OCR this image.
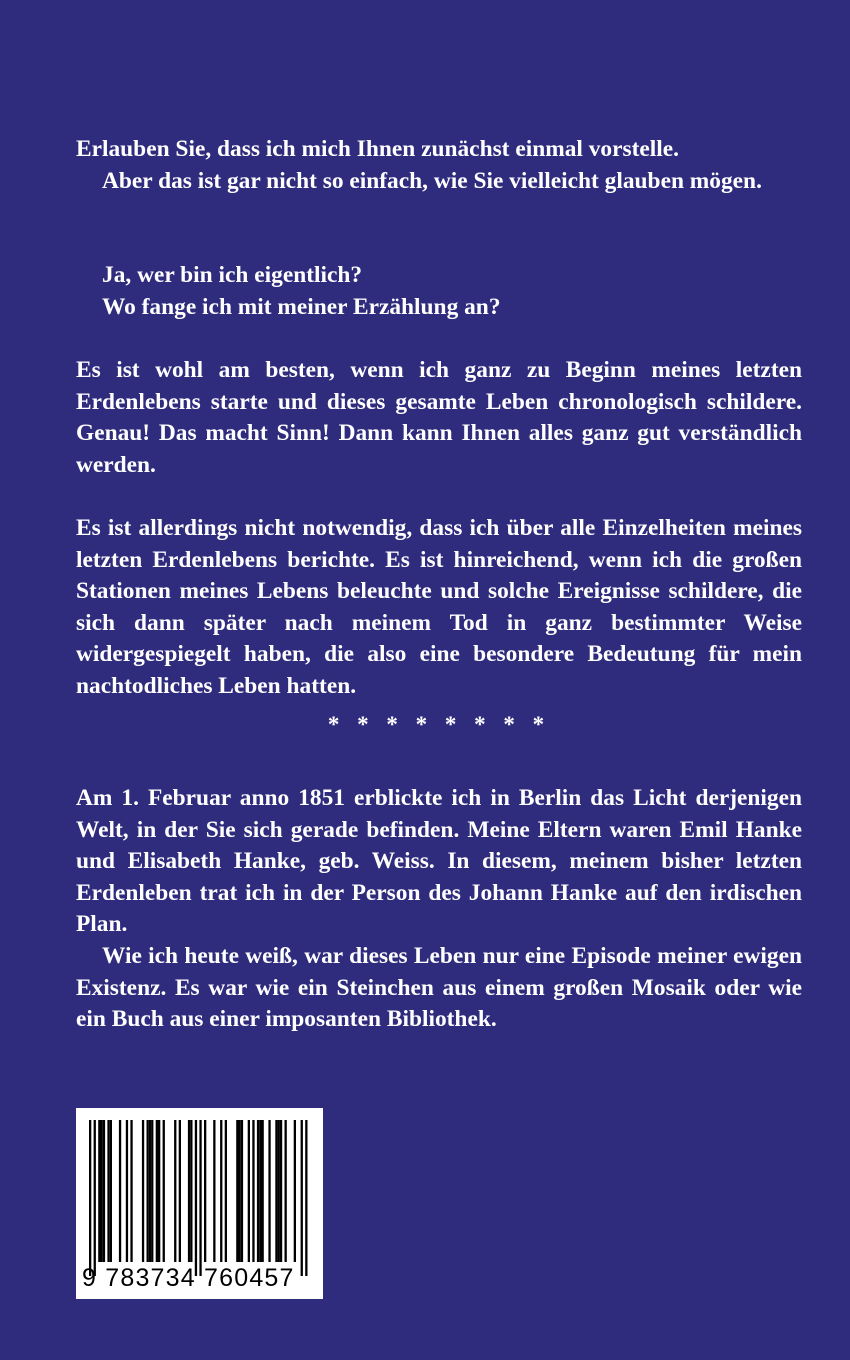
Erlauben Sie, dass ich mich Ihnen zunächst einmal vorstelle.

Aber das ist gar nicht so einfach, wie Sie vielleicht glauben mögen.

Ja, wer bin ich eigentlich?

Wo fange ich mit meiner Erzählung an?

Es ist wohl am besten, wenn ich ganz zu Beginn meines letzten Erdenlebens starte und dieses gesamte Leben chronologisch schildere. Genau! Das macht Sinn! Dann kann Ihnen alles ganz gut verständlich werden.

Es ist allerdings nicht notwendig, dass ich über alle Einzelheiten meines letzten Erdenlebens berichte. Es ist hinreichend, wenn ich die großen Stationen meines Lebens beleuchte und solche Ereignisse schildere, die sich dann später nach meinem Tod in ganz bestimmter Weise widergespiegelt haben, die also eine besondere Bedeutung für mein nachtodliches Leben hatten.

* * * * * * * *

Am 1. Februar anno 1851 erblickte ich in Berlin das Licht derjenigen Welt, in der Sie sich gerade befinden. Meine Eltern waren Emil Hanke und Elisabeth Hanke, geb. Weiss. In diesem, meinem bisher letzten Erdenleben trat ich in der Person des Johann Hanke auf den irdischen Plan.

Wie ich heute weiß, war dieses Leben nur eine Episode meiner ewigen Existenz. Es war wie ein Steinchen aus einem großen Mosaik oder wie ein Buch aus einer imposanten Bibliothek.

9 783734 760457
